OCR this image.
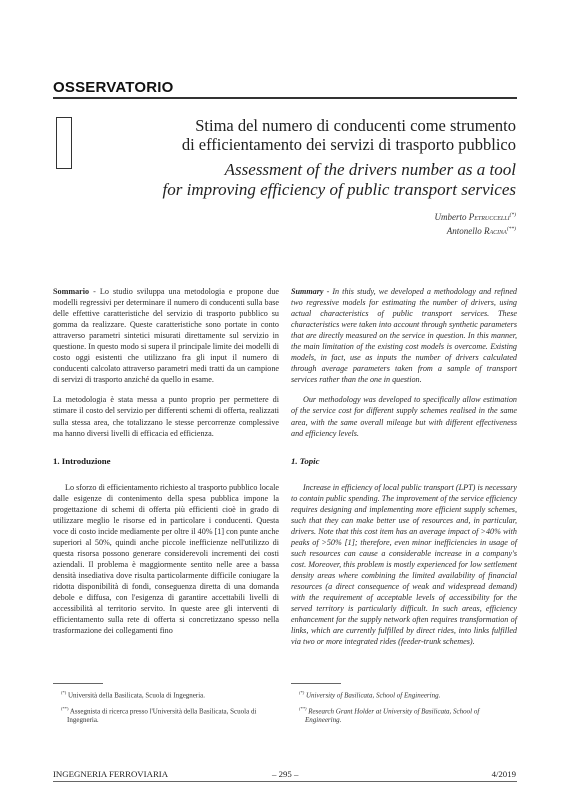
OSSERVATORIO
Stima del numero di conducenti come strumento
di efficientamento dei servizi di trasporto pubblico
Assessment of the drivers number as a tool
for improving efficiency of public transport services
Umberto Petruccelli(*)
Antonello Racina(**)

Sommario - Lo studio sviluppa una metodologia e propone due modelli regressivi per determinare il numero di conducenti sulla base delle effettive caratteristiche del servizio di trasporto pubblico su gomma da realizzare. Queste caratteristiche sono portate in conto attraverso parametri sintetici misurati direttamente sul servizio in questione. In questo modo si supera il principale limite dei modelli di costo oggi esistenti che utilizzano fra gli input il numero di conducenti calcolato attraverso parametri medi tratti da un campione di servizi di trasporto anziché da quello in esame.

La metodologia è stata messa a punto proprio per permettere di stimare il costo del servizio per differenti schemi di offerta, realizzati sulla stessa area, che totalizzano le stesse percorrenze complessive ma hanno diversi livelli di efficacia ed efficienza.

1. Introduzione

Lo sforzo di efficientamento richiesto al trasporto pubblico locale dalle esigenze di contenimento della spesa pubblica impone la progettazione di schemi di offerta più efficienti cioè in grado di utilizzare meglio le risorse ed in particolare i conducenti. Questa voce di costo incide mediamente per oltre il 40% [1] con punte anche superiori al 50%, quindi anche piccole inefficienze nell'utilizzo di questa risorsa possono generare considerevoli incrementi dei costi aziendali. Il problema è maggiormente sentito nelle aree a bassa densità insediativa dove risulta particolarmente difficile coniugare la ridotta disponibilità di fondi, conseguenza diretta di una domanda debole e diffusa, con l'esigenza di garantire accettabili livelli di accessibilità al territorio servito. In queste aree gli interventi di efficientamento sulla rete di offerta si concretizzano spesso nella trasformazione dei collegamenti fino

Summary - In this study, we developed a methodology and refined two regressive models for estimating the number of drivers, using actual characteristics of public transport services. These characteristics were taken into account through synthetic parameters that are directly measured on the service in question. In this manner, the main limitation of the existing cost models is overcome. Existing models, in fact, use as inputs the number of drivers calculated through average parameters taken from a sample of transport services rather than the one in question.

Our methodology was developed to specifically allow estimation of the service cost for different supply schemes realised in the same area, with the same overall mileage but with different effectiveness and efficiency levels.

1. Topic

Increase in efficiency of local public transport (LPT) is necessary to contain public spending. The improvement of the service efficiency requires designing and implementing more efficient supply schemes, such that they can make better use of resources and, in particular, drivers. Note that this cost item has an average impact of >40% with peaks of >50% [1]; therefore, even minor inefficiencies in usage of such resources can cause a considerable increase in a company's cost. Moreover, this problem is mostly experienced for low settlement density areas where combining the limited availability of financial resources (a direct consequence of weak and widespread demand) with the requirement of acceptable levels of accessibility for the served territory is particularly difficult. In such areas, efficiency enhancement for the supply network often requires transformation of links, which are currently fulfilled by direct rides, into links fulfilled via two or more integrated rides (feeder-trunk schemes).

(*) Università della Basilicata, Scuola di Ingegneria.

(**) Assegnista di ricerca presso l'Università della Basilicata, Scuola di Ingegneria.

(*) University of Basilicata, School of Engineering.

(**) Research Grant Holder at University of Basilicata, School of Engineering.

INGEGNERIA FERROVIARIA	– 295 –	4/2019
